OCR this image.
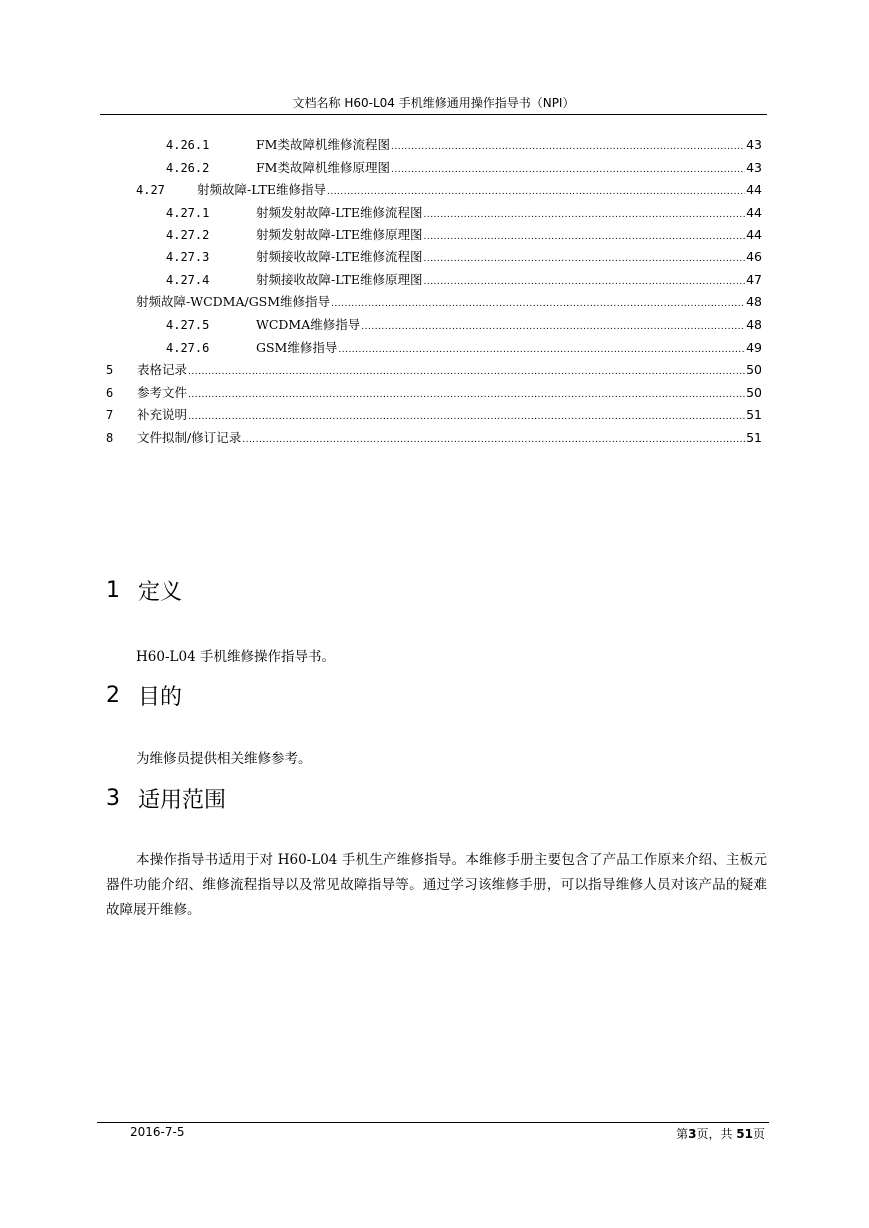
文档名称 H60-L04 手机维修通用操作指导书（NPI）
4.26.1	FM类故障机维修流程图 .....	43
4.26.2	FM类故障机维修原理图 .....	43
4.27	射频故障-LTE维修指导 .....	44
4.27.1	射频发射故障-LTE维修流程图 .....	44
4.27.2	射频发射故障-LTE维修原理图 .....	44
4.27.3	射频接收故障-LTE维修流程图 .....	46
4.27.4	射频接收故障-LTE维修原理图 .....	47
射频故障-WCDMA/GSM维修指导 .....	48
4.27.5	WCDMA维修指导 .....	48
4.27.6	GSM维修指导 .....	49
5	表格记录 .....	50
6	参考文件 .....	50
7	补充说明 .....	51
8	文件拟制/修订记录 .....	51
1 定义

H60-L04 手机维修操作指导书。

2 目的

为维修员提供相关维修参考。

3 适用范围

本操作指导书适用于对 H60-L04 手机生产维修指导。本维修手册主要包含了产品工作原来介绍、主板元器件功能介绍、维修流程指导以及常见故障指导等。通过学习该维修手册，可以指导维修人员对该产品的疑难故障展开维修。

2016-7-5	第3页，共 51页
